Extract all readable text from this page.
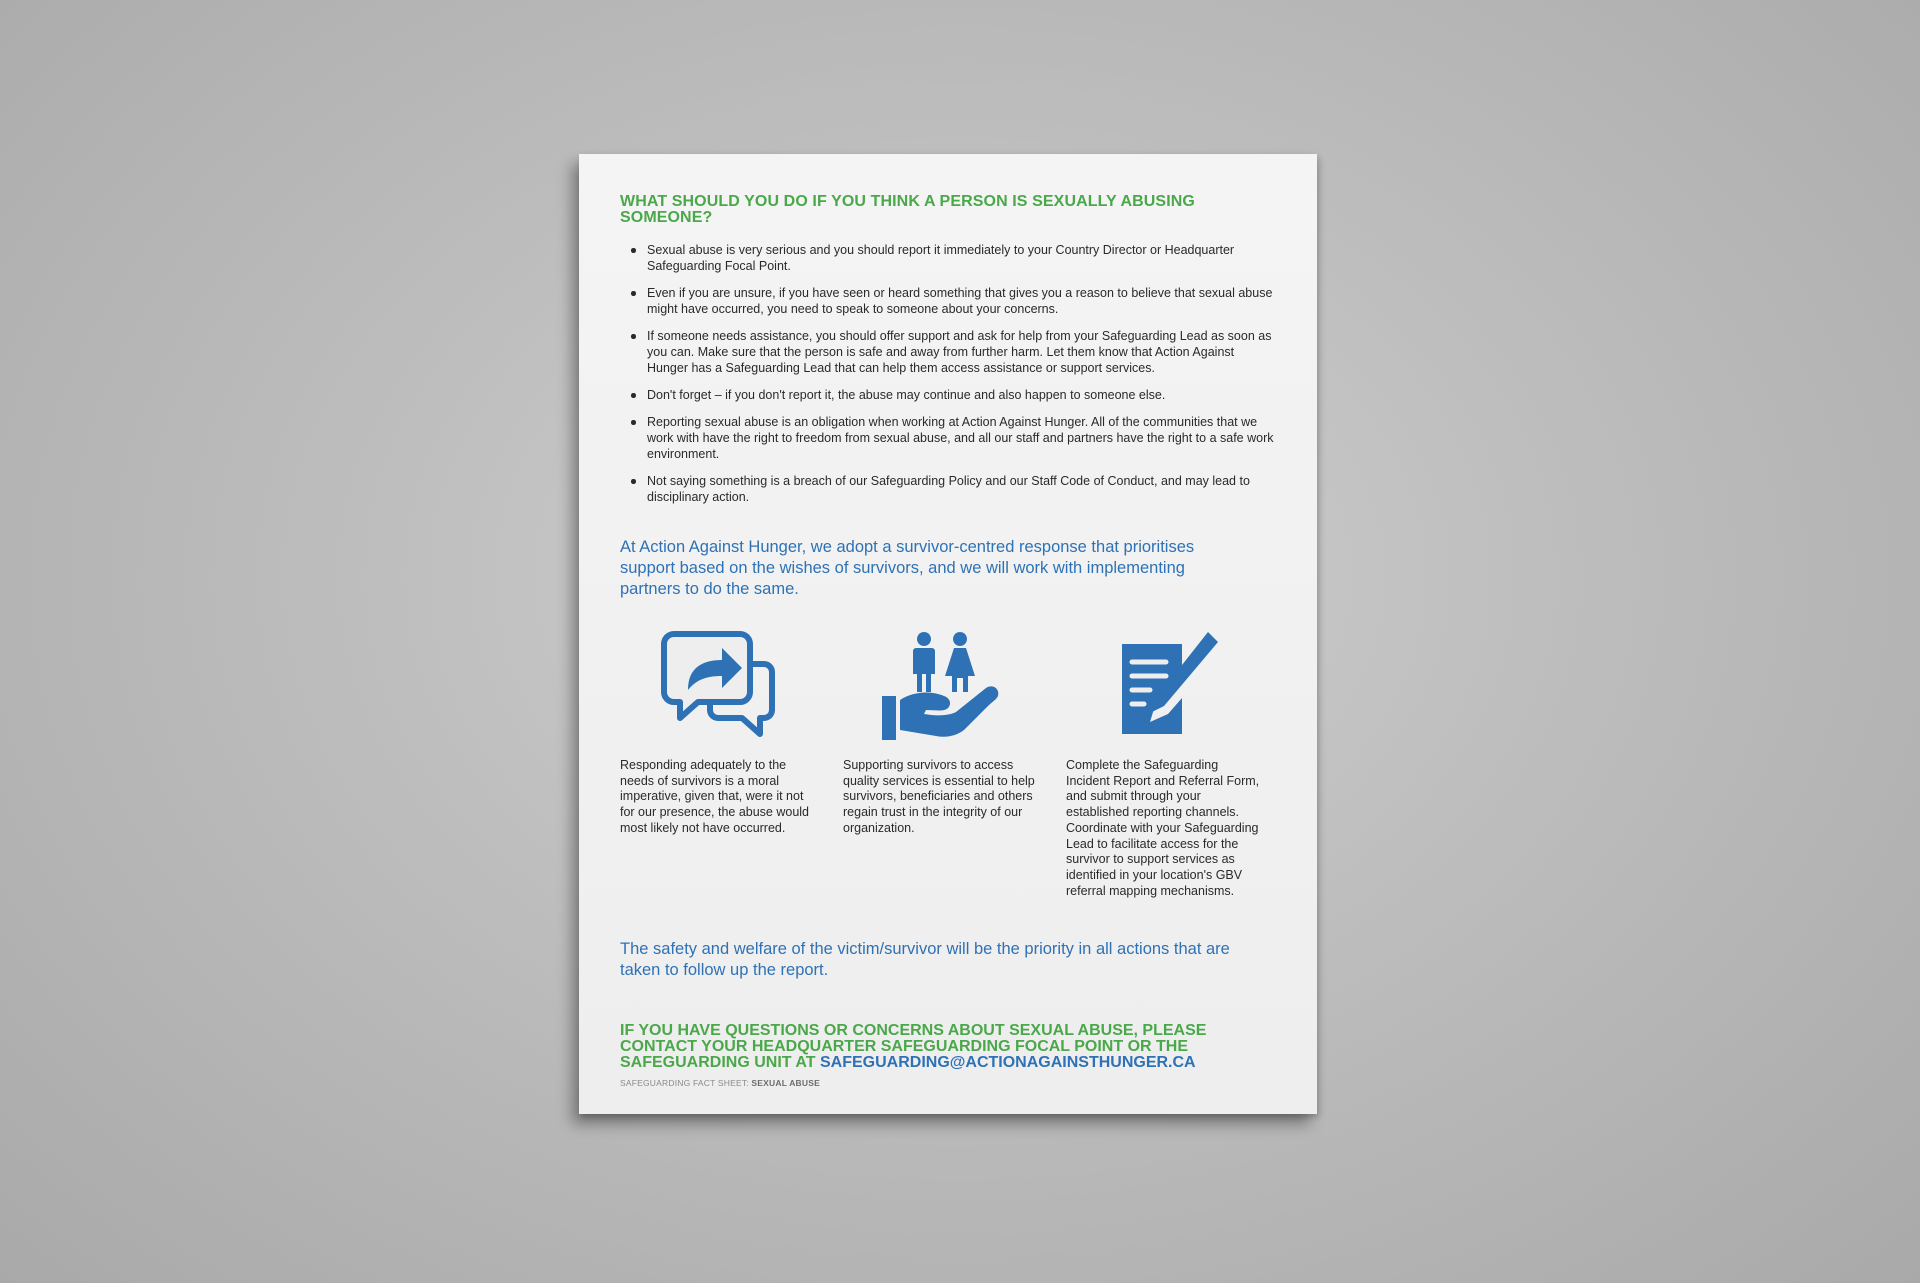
WHAT SHOULD YOU DO IF YOU THINK A PERSON IS SEXUALLY ABUSING SOMEONE?
Sexual abuse is very serious and you should report it immediately to your Country Director or Headquarter Safeguarding Focal Point.
Even if you are unsure, if you have seen or heard something that gives you a reason to believe that sexual abuse might have occurred, you need to speak to someone about your concerns.
If someone needs assistance, you should offer support and ask for help from your Safeguarding Lead as soon as you can. Make sure that the person is safe and away from further harm. Let them know that Action Against Hunger has a Safeguarding Lead that can help them access assistance or support services.
Don't forget – if you don't report it, the abuse may continue and also happen to someone else.
Reporting sexual abuse is an obligation when working at Action Against Hunger. All of the communities that we work with have the right to freedom from sexual abuse, and all our staff and partners have the right to a safe work environment.
Not saying something is a breach of our Safeguarding Policy and our Staff Code of Conduct, and may lead to disciplinary action.

At Action Against Hunger, we adopt a survivor-centred response that prioritises support based on the wishes of survivors, and we will work with implementing partners to do the same.

Responding adequately to the needs of survivors is a moral imperative, given that, were it not for our presence, the abuse would most likely not have occurred.

Supporting survivors to access quality services is essential to help survivors, beneficiaries and others regain trust in the integrity of our organization.

Complete the Safeguarding Incident Report and Referral Form, and submit through your established reporting channels. Coordinate with your Safeguarding Lead to facilitate access for the survivor to support services as identified in your location's GBV referral mapping mechanisms.

The safety and welfare of the victim/survivor will be the priority in all actions that are taken to follow up the report.

IF YOU HAVE QUESTIONS OR CONCERNS ABOUT SEXUAL ABUSE, PLEASE CONTACT YOUR HEADQUARTER SAFEGUARDING FOCAL POINT OR THE SAFEGUARDING UNIT AT SAFEGUARDING@ACTIONAGAINSTHUNGER.CA

SAFEGUARDING FACT SHEET: SEXUAL ABUSE
